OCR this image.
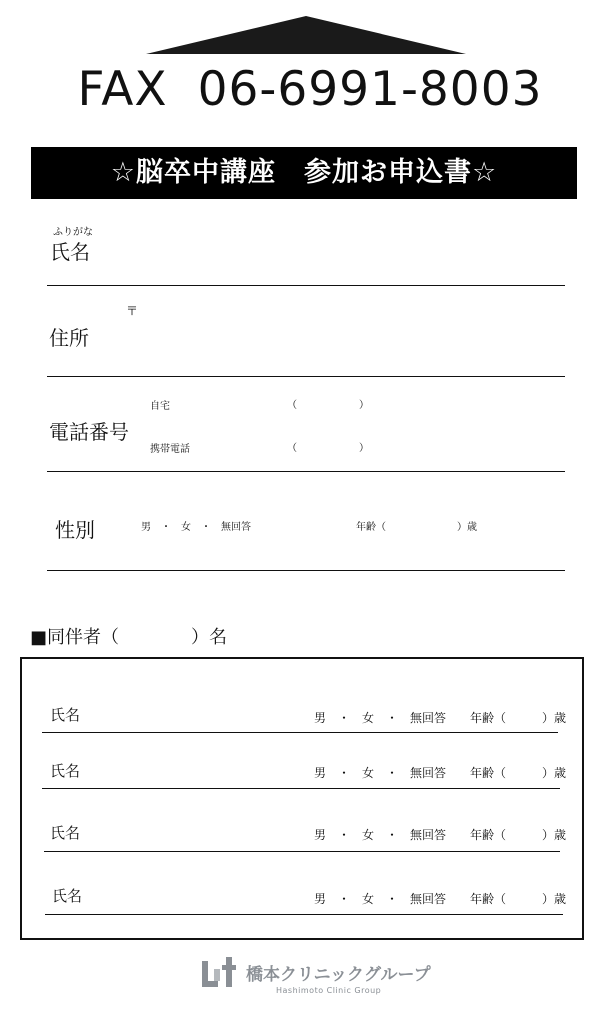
FAX 06-6991-8003
☆脳卒中講座　参加お申込書☆
ふりがな
氏名
〒
住所
電話番号
自宅	（	）
携帯電話	（	）
性別	男　・　女　・　無回答	年齢（	）歳
■同伴者（　　　　）名
氏名	男　・　女　・　無回答　　年齢（　　　）歳
氏名	男　・　女　・　無回答　　年齢（　　　）歳
氏名	男　・　女　・　無回答　　年齢（　　　）歳
氏名	男　・　女　・　無回答　　年齢（　　　）歳
橋本クリニックグループ
Hashimoto Clinic Group
